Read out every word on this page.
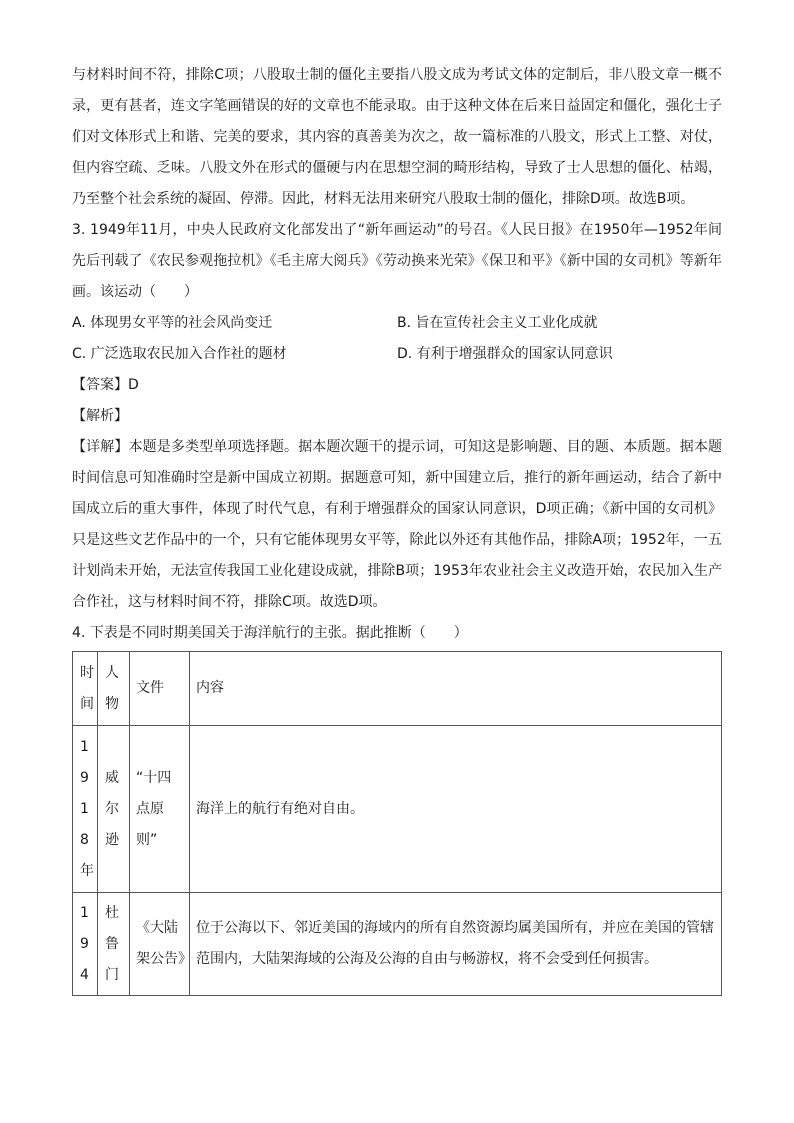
与材料时间不符，排除C项；八股取士制的僵化主要指八股文成为考试文体的定制后，非八股文章一概不录，更有甚者，连文字笔画错误的好的文章也不能录取。由于这种文体在后来日益固定和僵化，强化士子们对文体形式上和谐、完美的要求，其内容的真善美为次之，故一篇标准的八股文，形式上工整、对仗，但内容空疏、乏味。八股文外在形式的僵硬与内在思想空洞的畸形结构，导致了士人思想的僵化、枯竭，乃至整个社会系统的凝固、停滞。因此，材料无法用来研究八股取士制的僵化，排除D项。故选B项。

3. 1949年11月，中央人民政府文化部发出了“新年画运动”的号召。《人民日报》在1950年—1952年间先后刊载了《农民参观拖拉机》《毛主席大阅兵》《劳动换来光荣》《保卫和平》《新中国的女司机》等新年画。该运动（　　）

A. 体现男女平等的社会风尚变迁	B. 旨在宣传社会主义工业化成就
C. 广泛选取农民加入合作社的题材	D. 有利于增强群众的国家认同意识

【答案】D

【解析】

【详解】本题是多类型单项选择题。据本题次题干的提示词，可知这是影响题、目的题、本质题。据本题时间信息可知准确时空是新中国成立初期。据题意可知，新中国建立后，推行的新年画运动，结合了新中国成立后的重大事件，体现了时代气息，有利于增强群众的国家认同意识，D项正确；《新中国的女司机》只是这些文艺作品中的一个，只有它能体现男女平等，除此以外还有其他作品，排除A项；1952年，一五计划尚未开始，无法宣传我国工业化建设成就，排除B项；1953年农业社会主义改造开始，农民加入生产合作社，这与材料时间不符，排除C项。故选D项。

4. 下表是不同时期美国关于海洋航行的主张。据此推断（　　）

时间	人物	文件	内容
1918年	威尔逊	“十四点原则”	海洋上的航行有绝对自由。
194	杜鲁门	《大陆架公告》	位于公海以下、邻近美国的海域内的所有自然资源均属美国所有，并应在美国的管辖范围内，大陆架海域的公海及公海的自由与畅游权，将不会受到任何损害。
